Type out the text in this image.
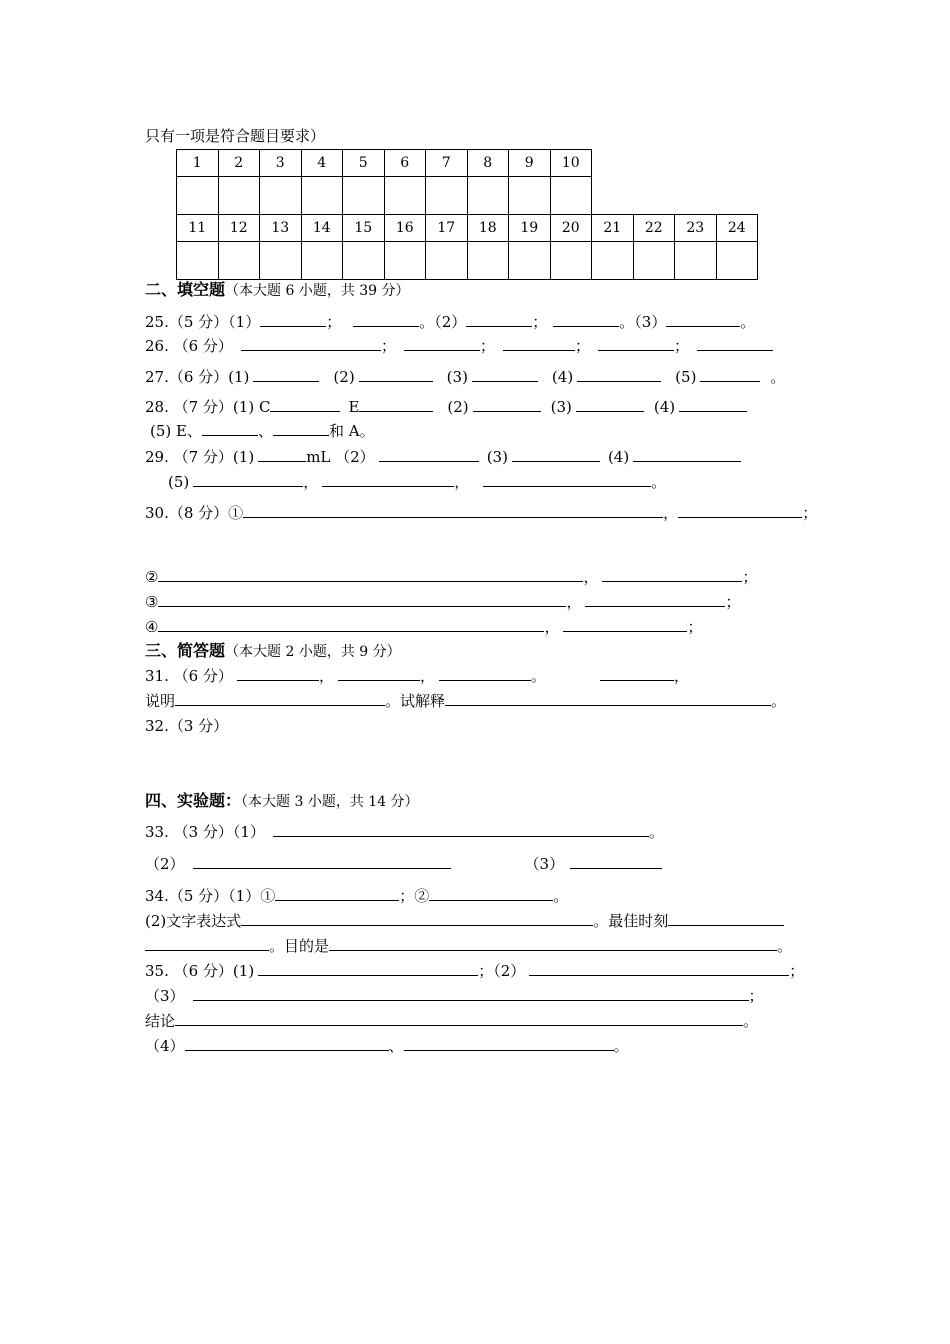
只有一项是符合题目要求）
1	2	3	4	5	6	7	8	9	10				

11	12	13	14	15	16	17	18	19	20	21	22	23	24

二、填空题（本大题 6 小题，共 39 分）
25.（5 分）（1）	；	。（2）	；	。（3）	。
26. （6 分）	；	；	；	；
27.（6 分）(1)	(2)	(3)	(4)	(5)	。
28. （7 分）(1) C	E	(2)	(3)	(4)
(5) E、	、	和 A。
29. （7 分）(1)	mL （2）	(3)	(4)
(5)	，	，	。
30.（8 分）①	，	；
②	，	；
③	，	；
④	，	；
三、简答题（本大题 2 小题，共 9 分）
31. （6 分）	，	，	。	，
说明	。试解释	。
32.（3 分）
四、实验题：（本大题 3 小题，共 14 分）
33. （3 分）（1）	。
（2）	（3）
34.（5 分）（1）①	；②	。
(2)文字表达式	。最佳时刻
。目的是	。
35. （6 分）(1)	；（2）	；
（3）	；
结论	。
（4）	、	。
